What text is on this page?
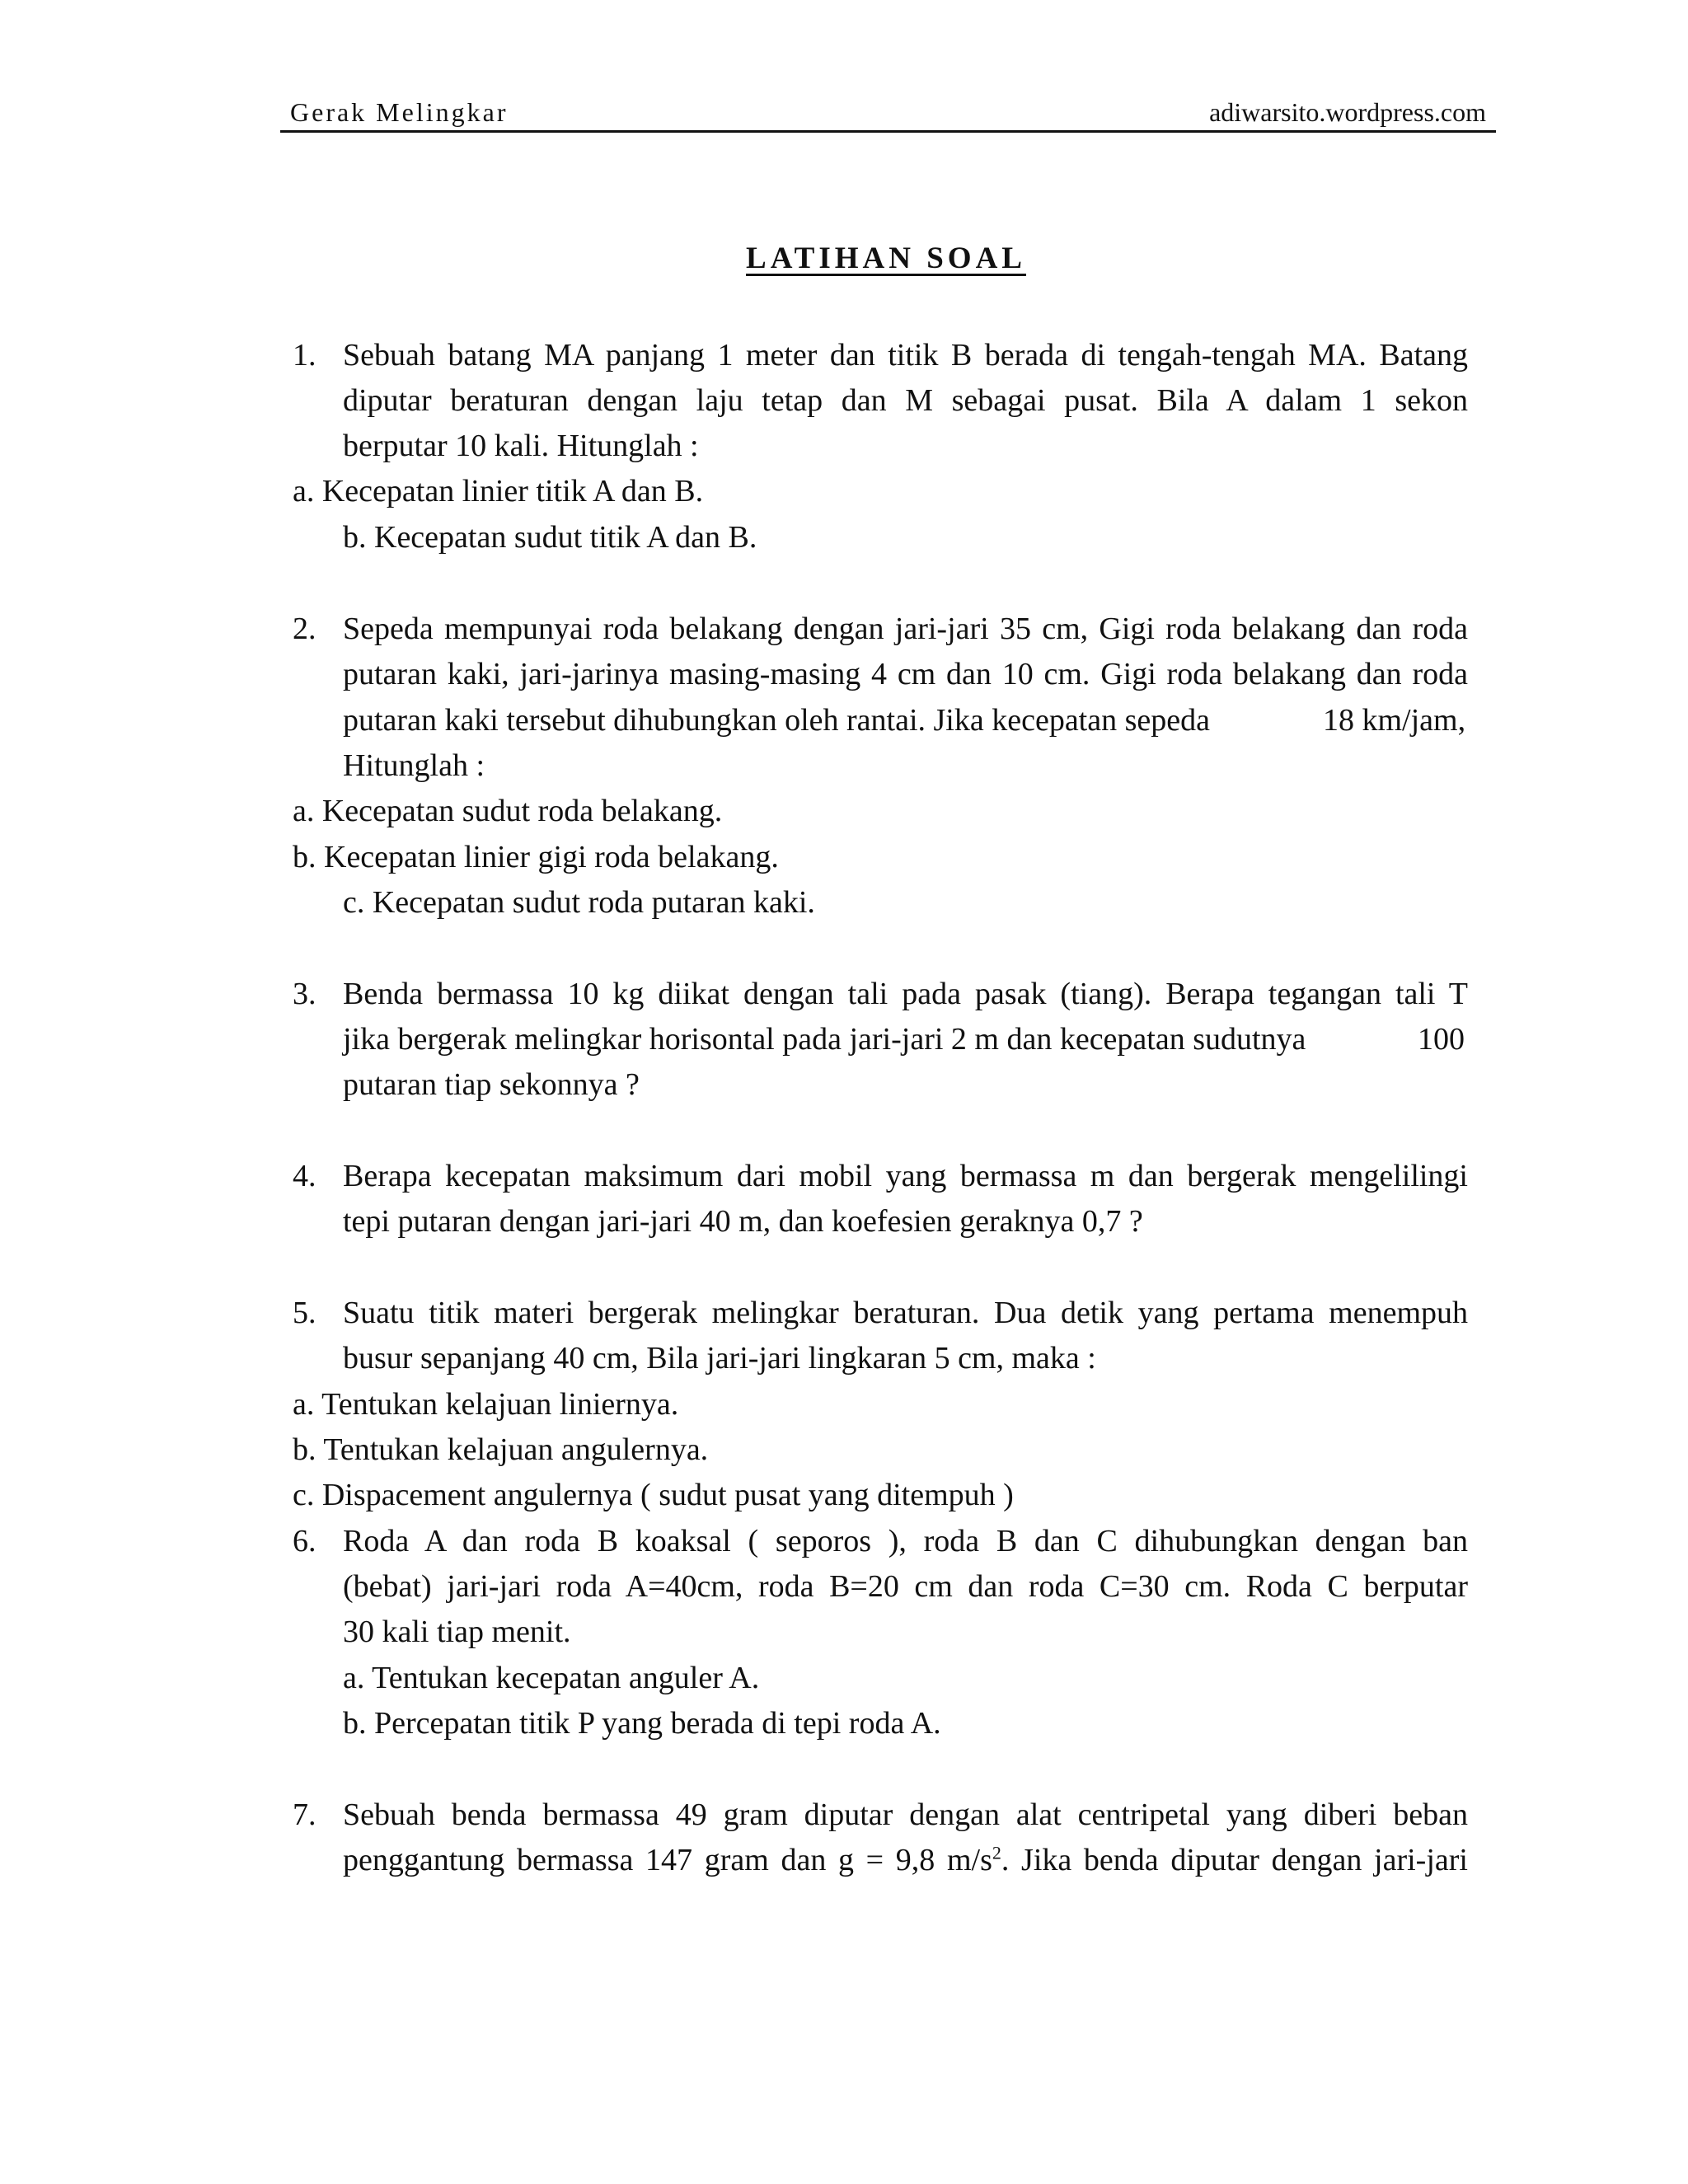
Gerak Melingkar	adiwarsito.wordpress.com
LATIHAN SOAL
1. Sebuah batang MA panjang 1 meter dan titik B berada di tengah-tengah MA. Batang
diputar beraturan dengan laju tetap dan M sebagai pusat. Bila A dalam 1 sekon
berputar 10 kali. Hitunglah :
a. Kecepatan linier titik A dan B.
b. Kecepatan sudut titik A dan B.
2. Sepeda mempunyai roda belakang dengan jari-jari 35 cm, Gigi roda belakang dan roda
putaran kaki, jari-jarinya masing-masing 4 cm dan 10 cm. Gigi roda belakang dan roda
putaran kaki tersebut dihubungkan oleh rantai. Jika kecepatan sepeda	18 km/jam,
Hitunglah :
a. Kecepatan sudut roda belakang.
b. Kecepatan linier gigi roda belakang.
c. Kecepatan sudut roda putaran kaki.
3. Benda bermassa 10 kg diikat dengan tali pada pasak (tiang). Berapa tegangan tali T
jika bergerak melingkar horisontal pada jari-jari 2 m dan kecepatan sudutnya	100
putaran tiap sekonnya ?
4. Berapa kecepatan maksimum dari mobil yang bermassa m dan bergerak mengelilingi
tepi putaran dengan jari-jari 40 m, dan koefesien geraknya 0,7 ?
5. Suatu titik materi bergerak melingkar beraturan. Dua detik yang pertama menempuh
busur sepanjang 40 cm, Bila jari-jari lingkaran 5 cm, maka :
a. Tentukan kelajuan liniernya.
b. Tentukan kelajuan angulernya.
c. Dispacement angulernya ( sudut pusat yang ditempuh )
6. Roda A dan roda B koaksal ( seporos ), roda B dan C dihubungkan dengan ban
(bebat) jari-jari roda A=40cm, roda B=20 cm dan roda C=30 cm. Roda C berputar
30 kali tiap menit.
a. Tentukan kecepatan anguler A.
b. Percepatan titik P yang berada di tepi roda A.
7. Sebuah benda bermassa 49 gram diputar dengan alat centripetal yang diberi beban
penggantung bermassa 147 gram dan g = 9,8 $m/s^2$. Jika benda diputar dengan jari-jari
